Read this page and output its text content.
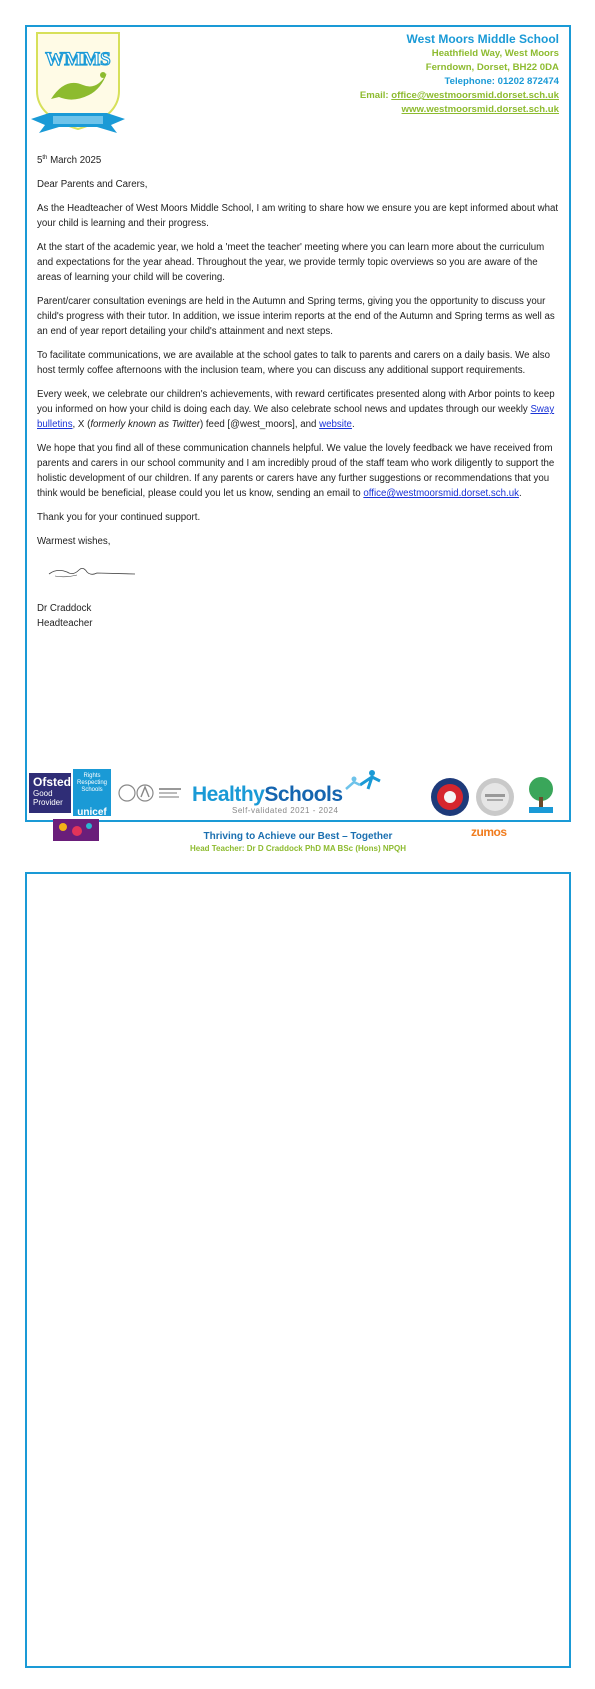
WMMS
West Moors Middle School
Heathfield Way, West Moors
Ferndown, Dorset, BH22 0DA
Telephone: 01202 872474
Email: office@westmoorsmid.dorset.sch.uk
www.westmoorsmid.dorset.sch.uk

5th March 2025

Dear Parents and Carers,

As the Headteacher of West Moors Middle School, I am writing to share how we ensure you are kept informed about what your child is learning and their progress.

At the start of the academic year, we hold a 'meet the teacher' meeting where you can learn more about the curriculum and expectations for the year ahead. Throughout the year, we provide termly topic overviews so you are aware of the areas of learning your child will be covering.

Parent/carer consultation evenings are held in the Autumn and Spring terms, giving you the opportunity to discuss your child's progress with their tutor. In addition, we issue interim reports at the end of the Autumn and Spring terms as well as an end of year report detailing your child's attainment and next steps.

To facilitate communications, we are available at the school gates to talk to parents and carers on a daily basis. We also host termly coffee afternoons with the inclusion team, where you can discuss any additional support requirements.

Every week, we celebrate our children's achievements, with reward certificates presented along with Arbor points to keep you informed on how your child is doing each day. We also celebrate school news and updates through our weekly Sway bulletins, X (formerly known as Twitter) feed [@west_moors], and website.

We hope that you find all of these communication channels helpful. We value the lovely feedback we have received from parents and carers in our school community and I am incredibly proud of the staff team who work diligently to support the holistic development of our children. If any parents or carers have any further suggestions or recommendations that you think would be beneficial, please could you let us know, sending an email to office@westmoorsmid.dorset.sch.uk.

Thank you for your continued support.

Warmest wishes,

Dr Craddock
Headteacher
Ofsted
Good Provider
Rights Respecting Schools
unicef
HealthySchools
Self-validated 2021 - 2024
zumos
Thriving to Achieve our Best – Together
Head Teacher: Dr D Craddock PhD MA BSc (Hons) NPQH
